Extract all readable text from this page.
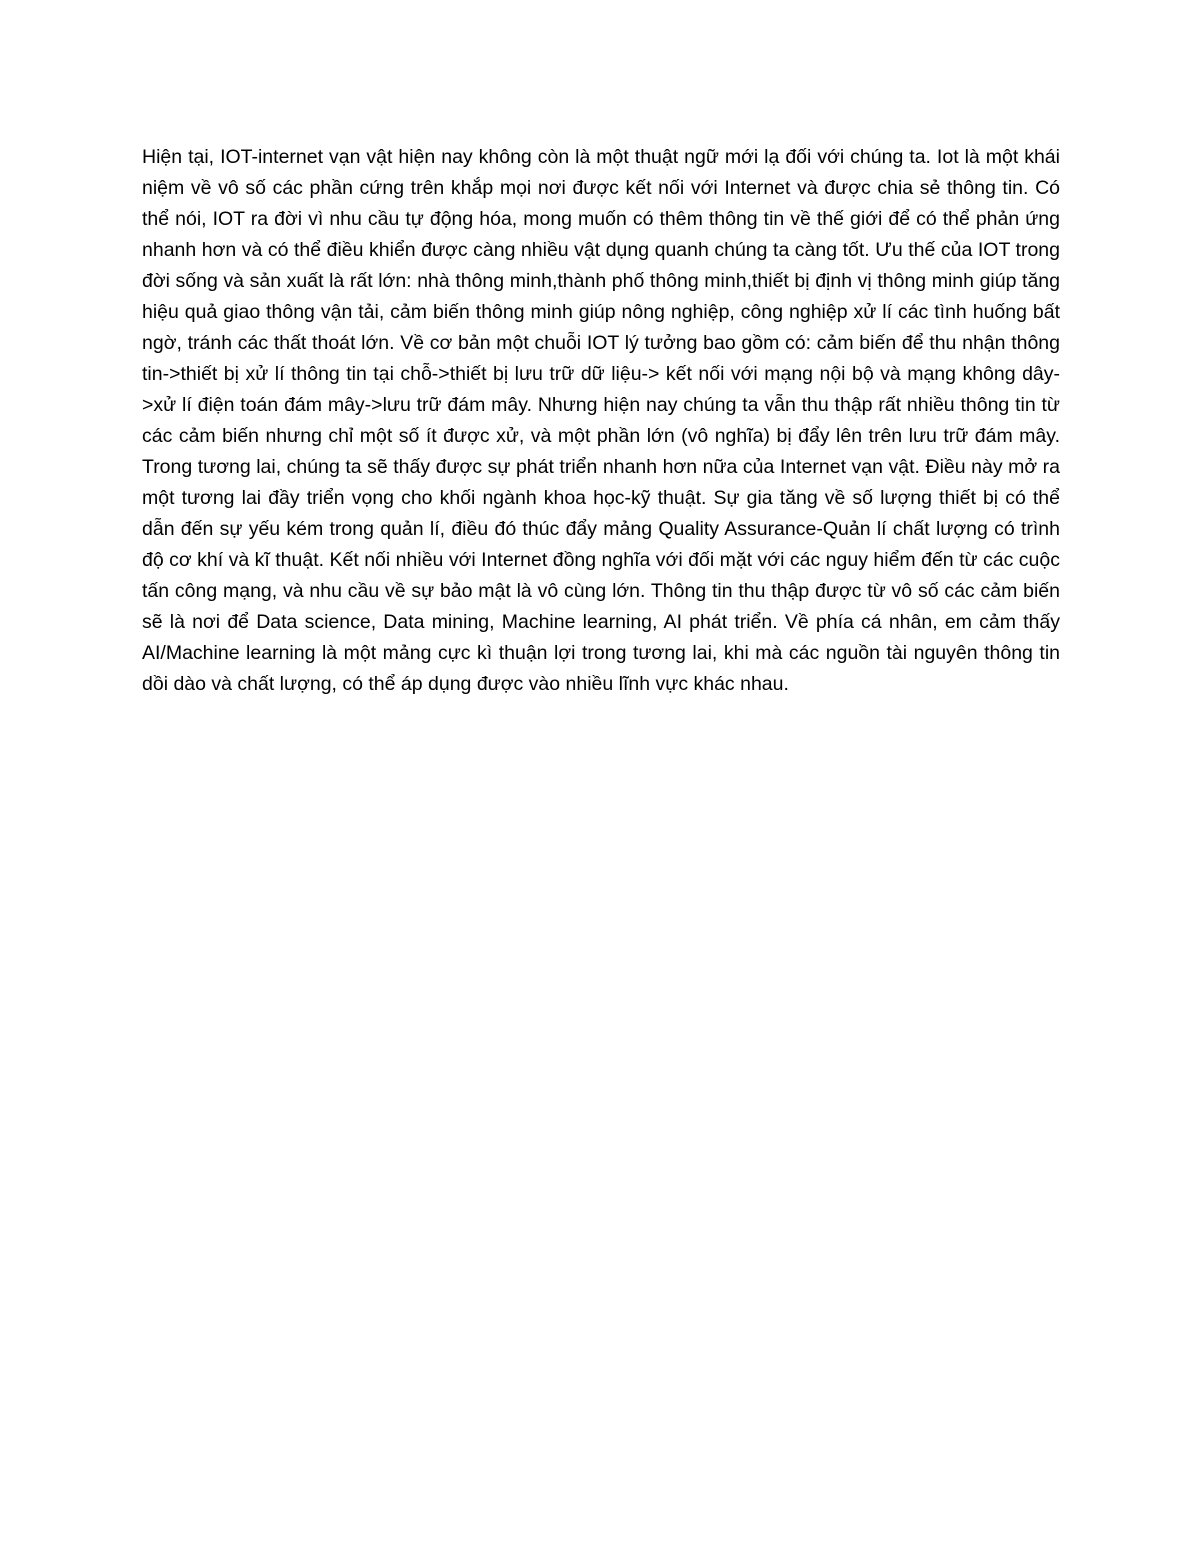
Hiện tại, IOT-internet vạn vật hiện nay không còn là một thuật ngữ mới lạ đối với chúng ta. Iot là một khái niệm về vô số các phần cứng trên khắp mọi nơi được kết nối với Internet và được chia sẻ thông tin. Có thể nói, IOT ra đời vì nhu cầu tự động hóa, mong muốn có thêm thông tin về thế giới để có thể phản ứng nhanh hơn và có thể điều khiển được càng nhiều vật dụng quanh chúng ta càng tốt. Ưu thế của IOT trong đời sống và sản xuất là rất lớn: nhà thông minh,thành phố thông minh,thiết bị định vị thông minh giúp tăng hiệu quả giao thông vận tải, cảm biến thông minh giúp nông nghiệp, công nghiệp xử lí các tình huống bất ngờ, tránh các thất thoát lớn. Về cơ bản một chuỗi IOT lý tưởng bao gồm có: cảm biến để thu nhận thông tin->thiết bị xử lí thông tin tại chỗ->thiết bị lưu trữ dữ liệu-> kết nối với mạng nội bộ và mạng không dây->xử lí điện toán đám mây->lưu trữ đám mây. Nhưng hiện nay chúng ta vẫn thu thập rất nhiều thông tin từ các cảm biến nhưng chỉ một số ít được xử, và một phần lớn (vô nghĩa) bị đẩy lên trên lưu trữ đám mây. Trong tương lai, chúng ta sẽ thấy được sự phát triển nhanh hơn nữa của Internet vạn vật. Điều này mở ra một tương lai đầy triển vọng cho khối ngành khoa học-kỹ thuật. Sự gia tăng về số lượng thiết bị có thể dẫn đến sự yếu kém trong quản lí, điều đó thúc đẩy mảng Quality Assurance-Quản lí chất lượng có trình độ cơ khí và kĩ thuật. Kết nối nhiều với Internet đồng nghĩa với đối mặt với các nguy hiểm đến từ các cuộc tấn công mạng, và nhu cầu về sự bảo mật là vô cùng lớn. Thông tin thu thập được từ vô số các cảm biến sẽ là nơi để Data science, Data mining, Machine learning, AI phát triển. Về phía cá nhân, em cảm thấy AI/Machine learning là một mảng cực kì thuận lợi trong tương lai, khi mà các nguồn tài nguyên thông tin dồi dào và chất lượng, có thể áp dụng được vào nhiều lĩnh vực khác nhau.
